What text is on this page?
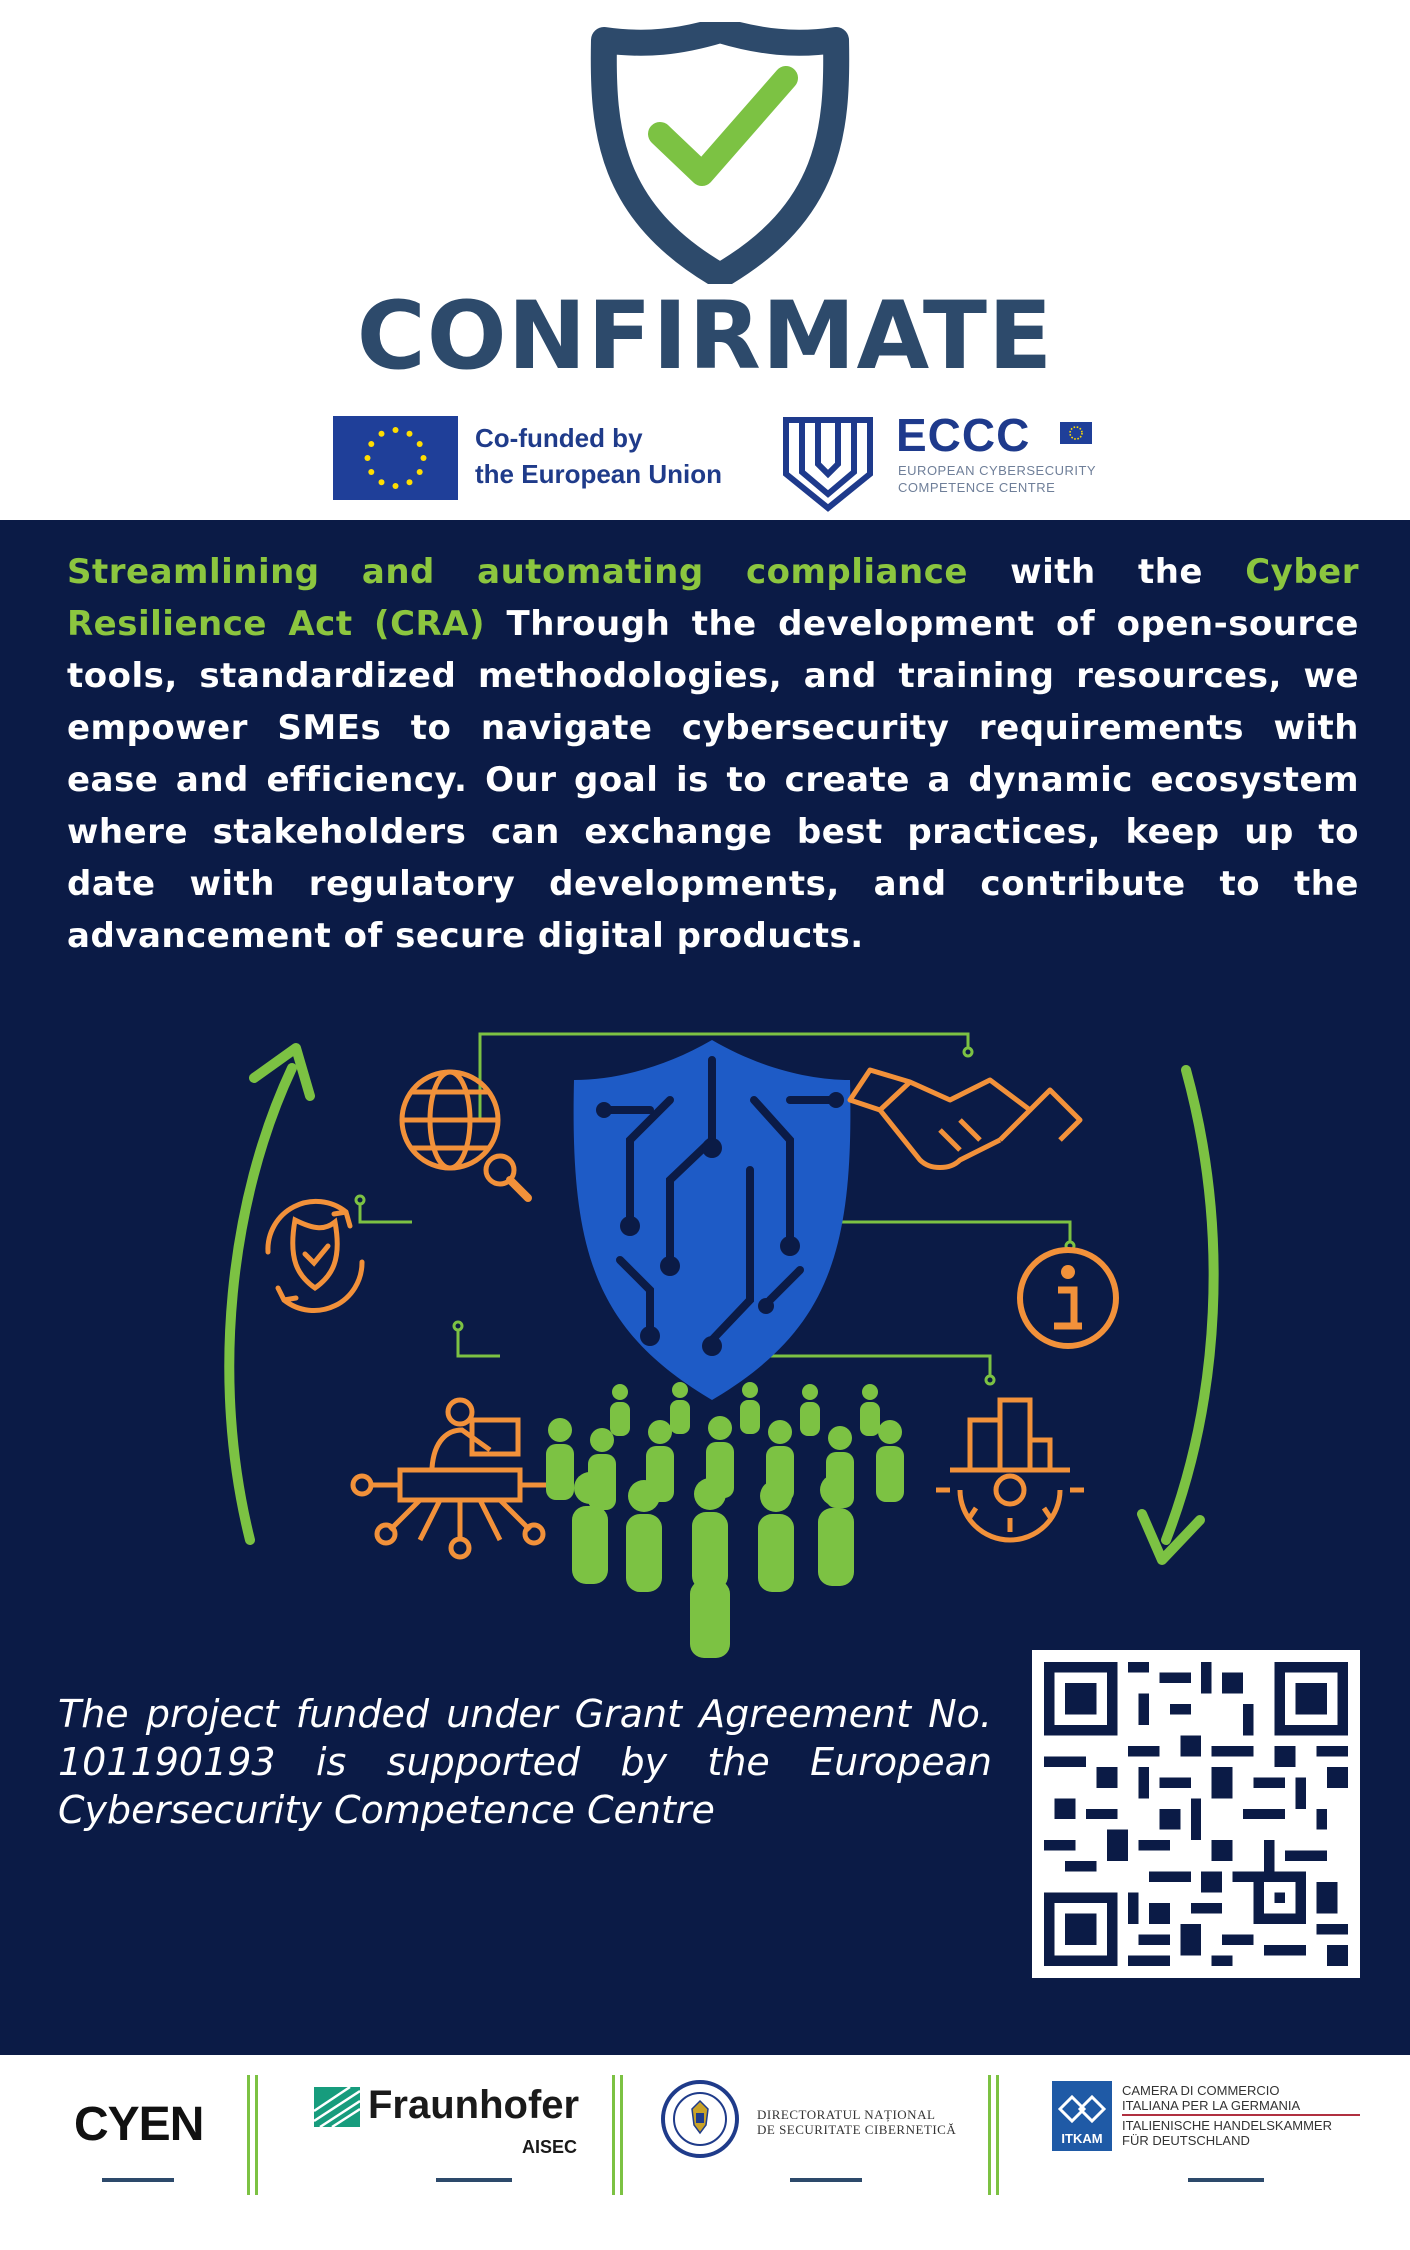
CONFIRMATE
Co-funded by
the European Union
ECCC
EUROPEAN CYBERSECURITY
COMPETENCE CENTRE
Streamlining and automating compliance with the Cyber Resilience Act (CRA) Through the development of open-source tools, standardized methodologies, and training resources, we empower SMEs to navigate cybersecurity requirements with ease and efficiency. Our goal is to create a dynamic ecosystem where stakeholders can exchange best practices, keep up to date with regulatory developments, and contribute to the advancement of secure digital products.
The project funded under Grant Agreement No. 101190193 is supported by the European Cybersecurity Competence Centre
CYEN	Fraunhofer
AISEC
DIRECTORATUL NAȚIONAL
DE SECURITATE CIBERNETICĂ
ITKAM
CAMERA DI COMMERCIO
ITALIANA PER LA GERMANIA
ITALIENISCHE HANDELSKAMMER
FÜR DEUTSCHLAND
